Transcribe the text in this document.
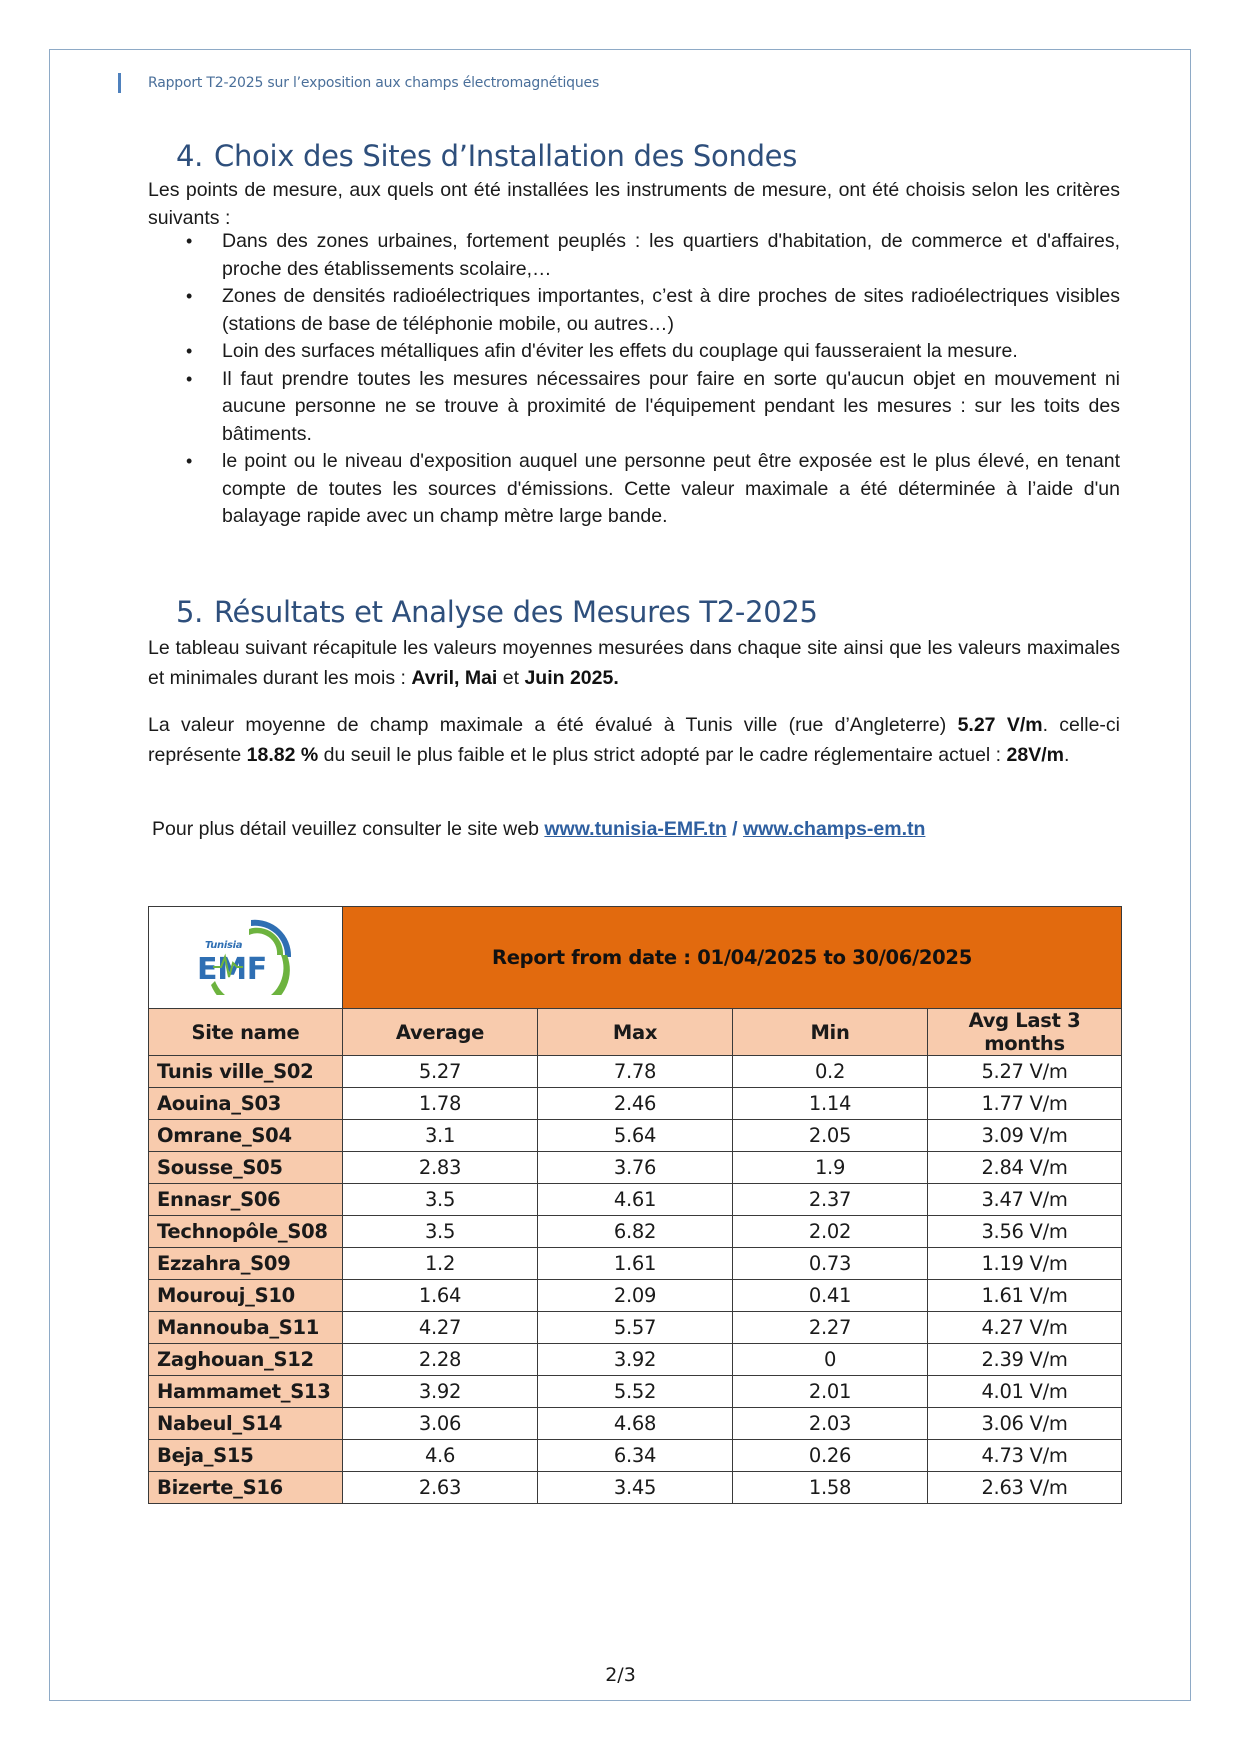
Rapport T2-2025 sur l’exposition aux champs électromagnétiques
4. Choix des Sites d’Installation des Sondes
Les points de mesure, aux quels ont été installées les instruments de mesure, ont été choisis selon les critères suivants :
• Dans des zones urbaines, fortement peuplés : les quartiers d'habitation, de commerce et d'affaires, proche des établissements scolaire,…
• Zones de densités radioélectriques importantes, c’est à dire proches de sites radioélectriques visibles (stations de base de téléphonie mobile, ou autres…)
• Loin des surfaces métalliques afin d'éviter les effets du couplage qui fausseraient la mesure.
• Il faut prendre toutes les mesures nécessaires pour faire en sorte qu'aucun objet en mouvement ni aucune personne ne se trouve à proximité de l'équipement pendant les mesures : sur les toits des bâtiments.
• le point ou le niveau d'exposition auquel une personne peut être exposée est le plus élevé, en tenant compte de toutes les sources d'émissions. Cette valeur maximale a été déterminée à l’aide d'un balayage rapide avec un champ mètre large bande.
5. Résultats et Analyse des Mesures T2-2025
Le tableau suivant récapitule les valeurs moyennes mesurées dans chaque site ainsi que les valeurs maximales et minimales durant les mois : Avril, Mai et Juin 2025.
La valeur moyenne de champ maximale a été évalué à Tunis ville (rue d’Angleterre) 5.27 V/m. celle-ci représente 18.82 % du seuil le plus faible et le plus strict adopté par le cadre réglementaire actuel : 28V/m.
Pour plus détail veuillez consulter le site web www.tunisia-EMF.tn / www.champs-em.tn
Tunisia
EMF	Report from date : 01/04/2025 to 30/06/2025			
Site name	Average	Max	Min	Avg Last 3 months
Tunis ville_S02	5.27	7.78	0.2	5.27 V/m
Aouina_S03	1.78	2.46	1.14	1.77 V/m
Omrane_S04	3.1	5.64	2.05	3.09 V/m
Sousse_S05	2.83	3.76	1.9	2.84 V/m
Ennasr_S06	3.5	4.61	2.37	3.47 V/m
Technopôle_S08	3.5	6.82	2.02	3.56 V/m
Ezzahra_S09	1.2	1.61	0.73	1.19 V/m
Mourouj_S10	1.64	2.09	0.41	1.61 V/m
Mannouba_S11	4.27	5.57	2.27	4.27 V/m
Zaghouan_S12	2.28	3.92	0	2.39 V/m
Hammamet_S13	3.92	5.52	2.01	4.01 V/m
Nabeul_S14	3.06	4.68	2.03	3.06 V/m
Beja_S15	4.6	6.34	0.26	4.73 V/m
Bizerte_S16	2.63	3.45	1.58	2.63 V/m
2/3
